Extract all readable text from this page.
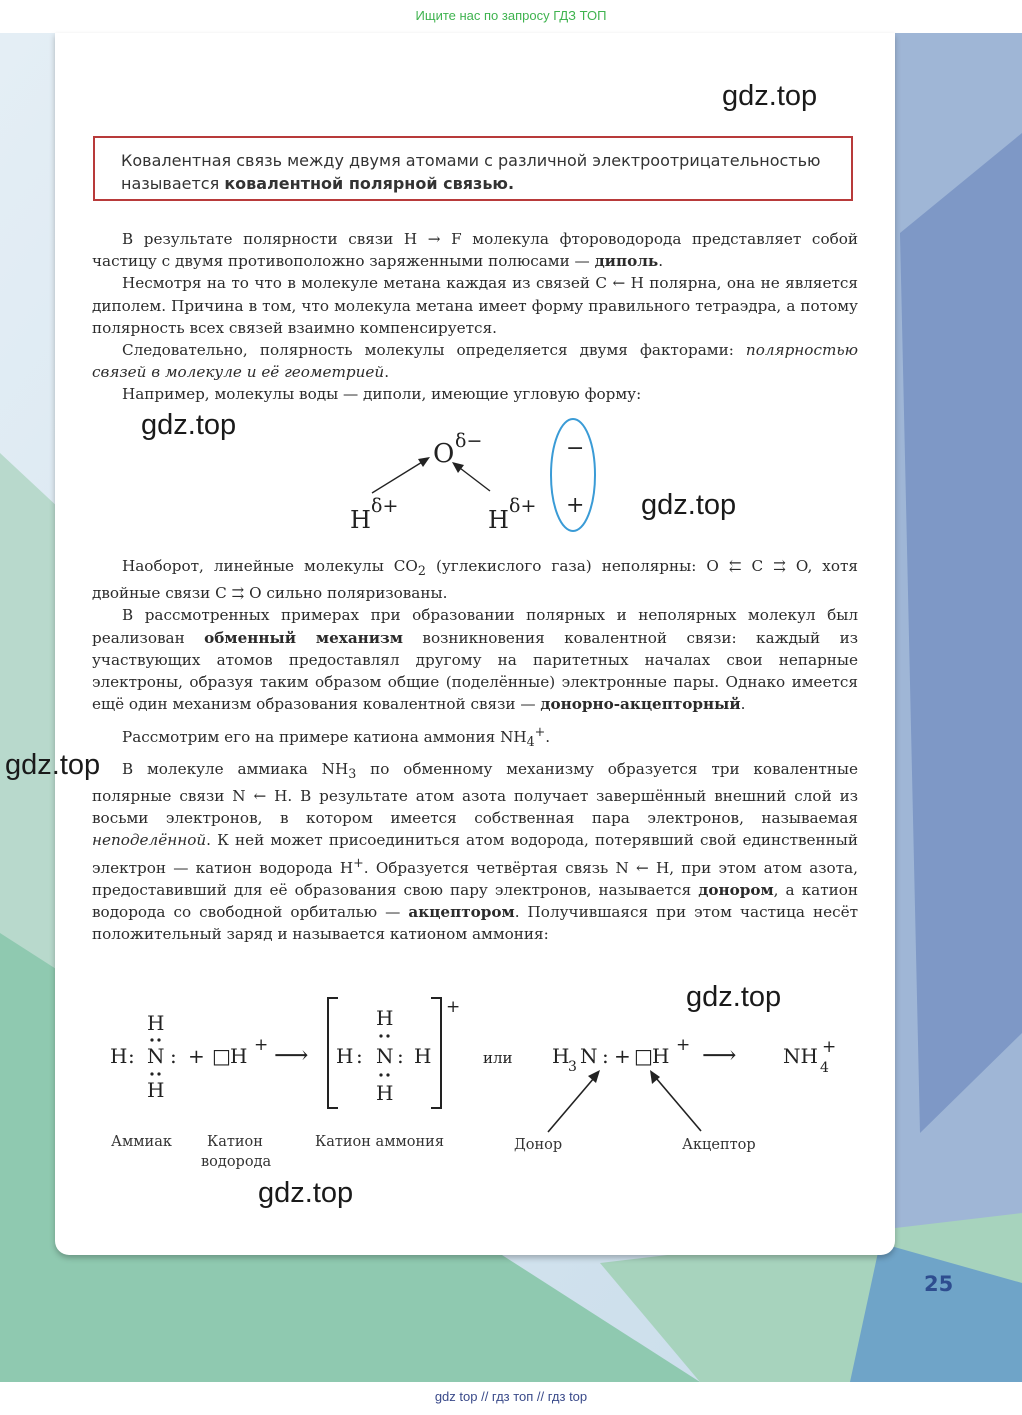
Ищите нас по запросу ГДЗ ТОП
gdz.top
gdz.top
gdz.top
gdz.top
gdz.top
gdz.top

Ковалентная связь между двумя атомами с различной электроотрицательностью называется ковалентной полярной связью.

В результате полярности связи H → F молекула фтороводорода представляет собой частицу с двумя противоположно заряженными полюсами — диполь.

Несмотря на то что в молекуле метана каждая из связей C ← H полярна, она не является диполем. Причина в том, что молекула метана имеет форму правильного тетраэдра, а потому полярность всех связей взаимно компенсируется.

Следовательно, полярность молекулы определяется двумя факторами: полярностью связей в молекуле и её геометрией.

Например, молекулы воды — диполи, имеющие угловую форму:

O δ−
H δ+	H δ+
−
+

Наоборот, линейные молекулы $CO_2$ (углекислого газа) неполярны: O ⇇ C ⇉ O, хотя двойные связи C ⇉ O сильно поляризованы.

В рассмотренных примерах при образовании полярных и неполярных молекул был реализован обменный механизм возникновения ковалентной связи: каждый из участвующих атомов предоставлял другому на паритетных началах свои непарные электроны, образуя таким образом общие (поделённые) электронные пары. Однако имеется ещё один механизм образования ковалентной связи — донорно-акцепторный.

Рассмотрим его на примере катиона аммония $NH_4^+$.

В молекуле аммиака $NH_3$ по обменному механизму образуется три ковалентные полярные связи N ← H. В результате атом азота получает завершённый внешний слой из восьми электронов, в котором имеется собственная пара электронов, называемая неподелённой. К ней может присоединиться атом водорода, потерявший свой единственный электрон — катион водорода H+. Образуется четвёртая связь N ← H, при этом атом азота, предоставивший для её образования свою пару электронов, называется донором, а катион водорода со свободной орбиталью — акцептором. Получившаяся при этом частица несёт положительный заряд и называется катионом аммония:

H
H : N :
H
+ □ H + ⟶
+
H
H : N : H
H
или H
3 N : + □ H + ⟶ NH 4
+
Аммиак Катион
водорода
Катион аммония	Донор	Акцептор
25
gdz top // гдз топ // гдз top
